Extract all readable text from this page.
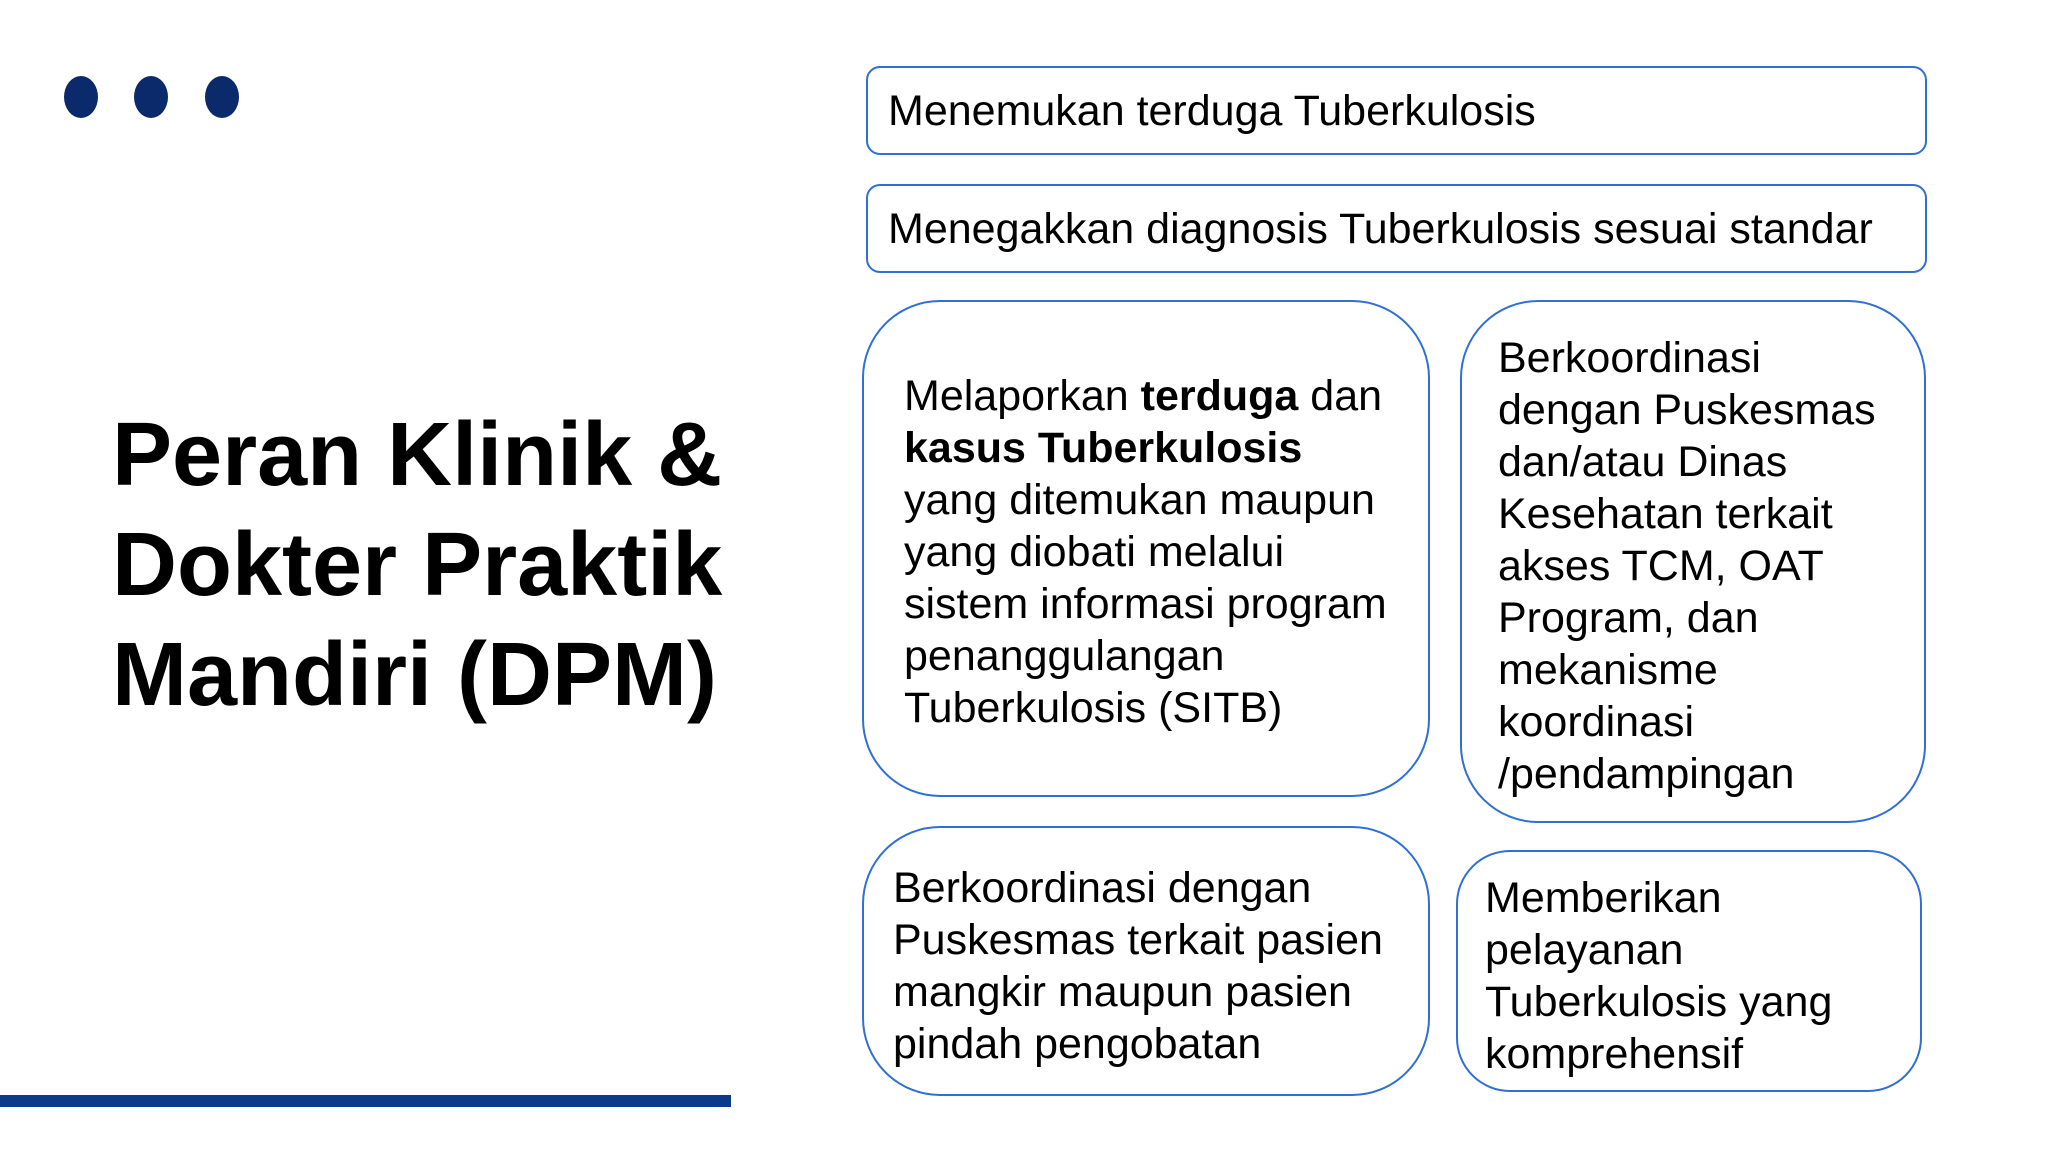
Peran Klinik &
Dokter Praktik
Mandiri (DPM)
Menemukan terduga Tuberkulosis
Menegakkan diagnosis Tuberkulosis sesuai standar
Melaporkan terduga dan
kasus Tuberkulosis
yang ditemukan maupun
yang diobati melalui
sistem informasi program
penanggulangan
Tuberkulosis (SITB)
Berkoordinasi
dengan Puskesmas
dan/atau Dinas
Kesehatan terkait
akses TCM, OAT
Program, dan
mekanisme
koordinasi
/pendampingan
Berkoordinasi dengan
Puskesmas terkait pasien
mangkir maupun pasien
pindah pengobatan
Memberikan
pelayanan
Tuberkulosis yang
komprehensif
